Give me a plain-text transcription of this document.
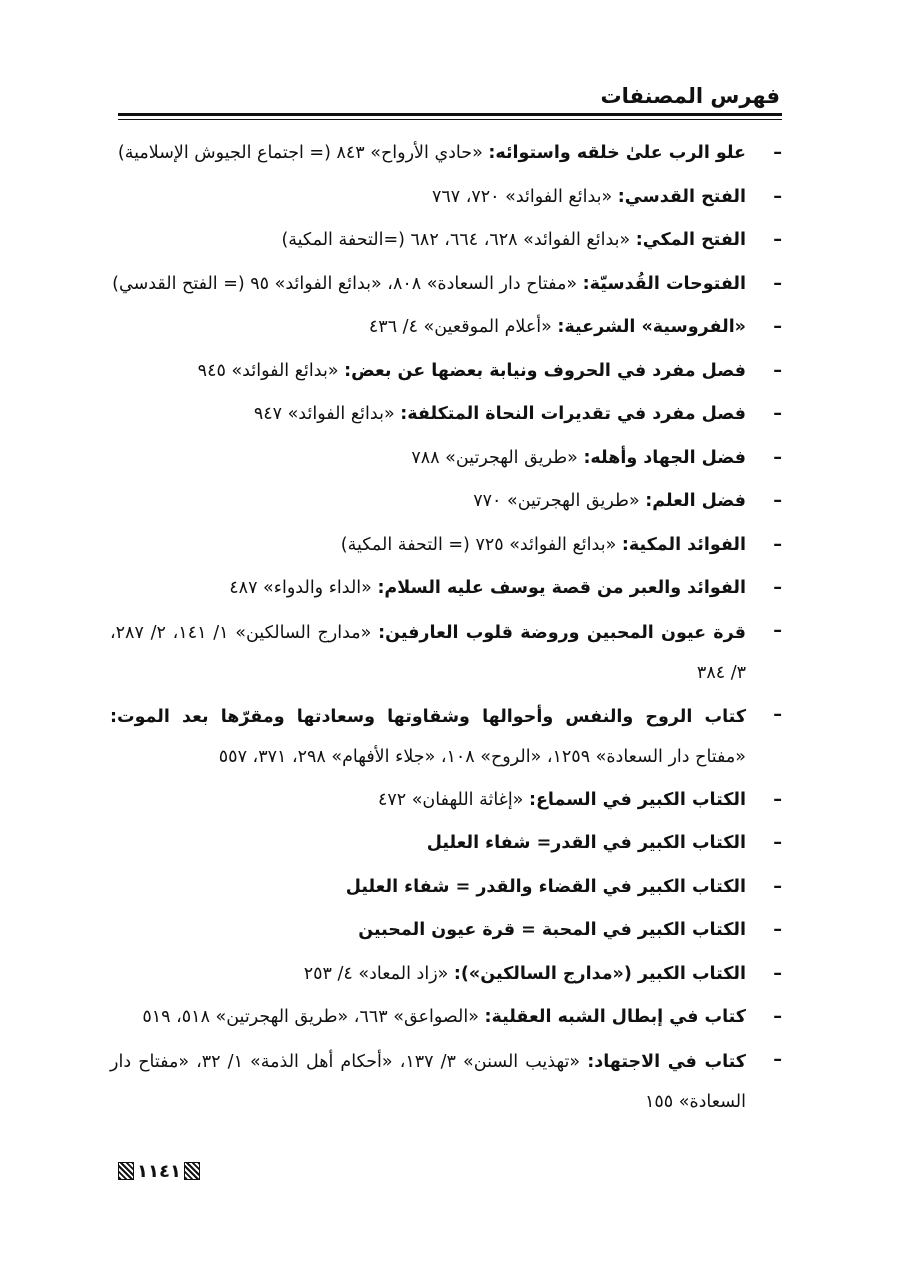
فهرس المصنفات
–
علو الرب علىٰ خلقه واستوائه: «حادي الأرواح» ٨٤٣ (= اجتماع الجيوش الإسلامية)
–
الفتح القدسي: «بدائع الفوائد» ٧٢٠، ٧٦٧
–
الفتح المكي: «بدائع الفوائد» ٦٢٨، ٦٦٤، ٦٨٢ (=التحفة المكية)
–
الفتوحات القُدسيّة: «مفتاح دار السعادة» ٨٠٨، «بدائع الفوائد» ٩٥ (= الفتح القدسي)
–
«الفروسية» الشرعية: «أعلام الموقعين» ٤/ ٤٣٦
–
فصل مفرد في الحروف ونيابة بعضها عن بعض: «بدائع الفوائد» ٩٤٥
–
فصل مفرد في تقديرات النحاة المتكلفة: «بدائع الفوائد» ٩٤٧
–
فضل الجهاد وأهله: «طريق الهجرتين» ٧٨٨
–
فضل العلم: «طريق الهجرتين» ٧٧٠
–
الفوائد المكية: «بدائع الفوائد» ٧٢٥ (= التحفة المكية)
–
الفوائد والعبر من قصة يوسف عليه السلام: «الداء والدواء» ٤٨٧
–
قرة عيون المحبين وروضة قلوب العارفين: «مدارج السالكين» ١/ ١٤١، ٢/ ٢٨٧، ٣/ ٣٨٤
–
كتاب الروح والنفس وأحوالها وشقاوتها وسعادتها ومقرّها بعد الموت: «مفتاح دار السعادة» ١٢٥٩، «الروح» ١٠٨، «جلاء الأفهام» ٢٩٨، ٣٧١، ٥٥٧
–
الكتاب الكبير في السماع: «إغاثة اللهفان» ٤٧٢
–
الكتاب الكبير في القدر= شفاء العليل
–
الكتاب الكبير في القضاء والقدر = شفاء العليل
–
الكتاب الكبير في المحبة = قرة عيون المحبين
–
الكتاب الكبير («مدارج السالكين»): «زاد المعاد» ٤/ ٢٥٣
–
كتاب في إبطال الشبه العقلية: «الصواعق» ٦٦٣، «طريق الهجرتين» ٥١٨، ٥١٩
–
كتاب في الاجتهاد: «تهذيب السنن» ٣/ ١٣٧، «أحكام أهل الذمة» ١/ ٣٢، «مفتاح دار السعادة» ١٥٥
١١٤١
